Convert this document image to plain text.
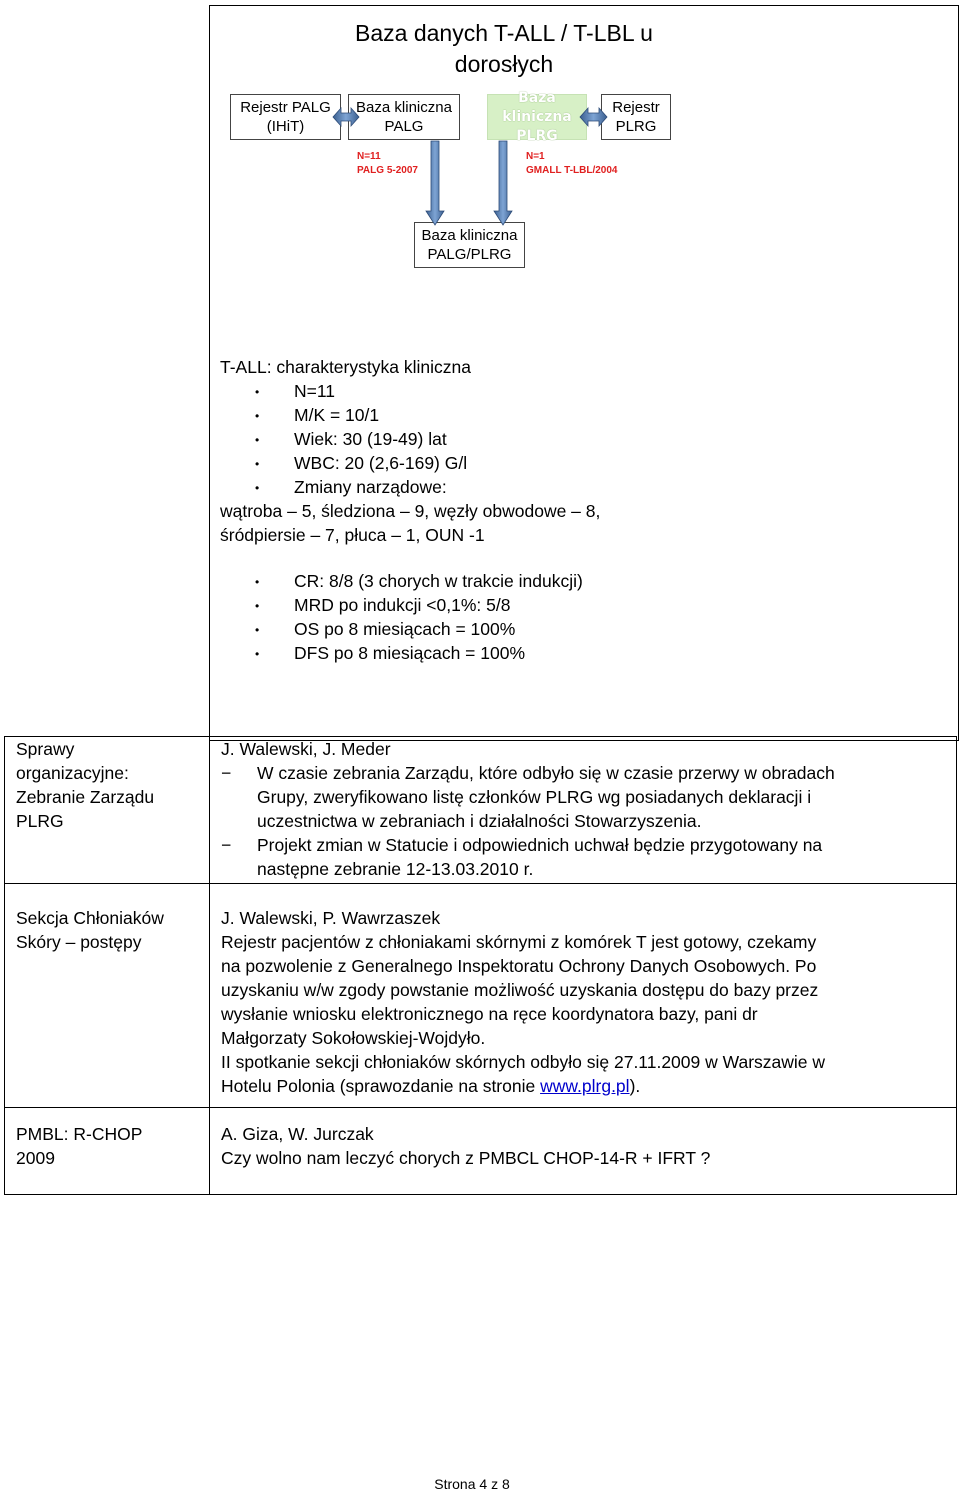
Baza danych T-ALL / T-LBL u
dorosłych
Rejestr PALG
(IHiT)
Baza kliniczna
PALG
Baza kliniczna
PLRG
Rejestr
PLRG
Baza kliniczna
PALG/PLRG
N=11
PALG 5-2007
N=1
GMALL T-LBL/2004
T-ALL: charakterystyka kliniczna
• N=11
• M/K = 10/1
• Wiek: 30 (19-49) lat
• WBC: 20 (2,6-169) G/l
• Zmiany narządowe:
wątroba – 5, śledziona – 9, węzły obwodowe – 8,
śródpiersie – 7, płuca – 1, OUN -1
• CR: 8/8 (3 chorych w trakcie indukcji)
• MRD po indukcji <0,1%: 5/8
• OS po 8 miesiącach = 100%
• DFS po 8 miesiącach = 100%
Sprawy
organizacyjne:
Zebranie Zarządu
PLRG
J. Walewski, J. Meder
− W czasie zebrania Zarządu, które odbyło się w czasie przerwy w obradach
Grupy, zweryfikowano listę członków PLRG wg posiadanych deklaracji i
uczestnictwa w zebraniach i działalności Stowarzyszenia.
− Projekt zmian w Statucie i odpowiednich uchwał będzie przygotowany na
następne zebranie 12-13.03.2010 r.
Sekcja Chłoniaków
Skóry – postępy
J. Walewski, P. Wawrzaszek
Rejestr pacjentów z chłoniakami skórnymi z komórek T jest gotowy, czekamy
na pozwolenie z Generalnego Inspektoratu Ochrony Danych Osobowych. Po
uzyskaniu w/w zgody powstanie możliwość uzyskania dostępu do bazy przez
wysłanie wniosku elektronicznego na ręce koordynatora bazy, pani dr
Małgorzaty Sokołowskiej-Wojdyło.
II spotkanie sekcji chłoniaków skórnych odbyło się 27.11.2009 w Warszawie w
Hotelu Polonia (sprawozdanie na stronie www.plrg.pl).
PMBL: R-CHOP
2009
A. Giza, W. Jurczak
Czy wolno nam leczyć chorych z PMBCL CHOP-14-R + IFRT ?
Strona 4 z 8
